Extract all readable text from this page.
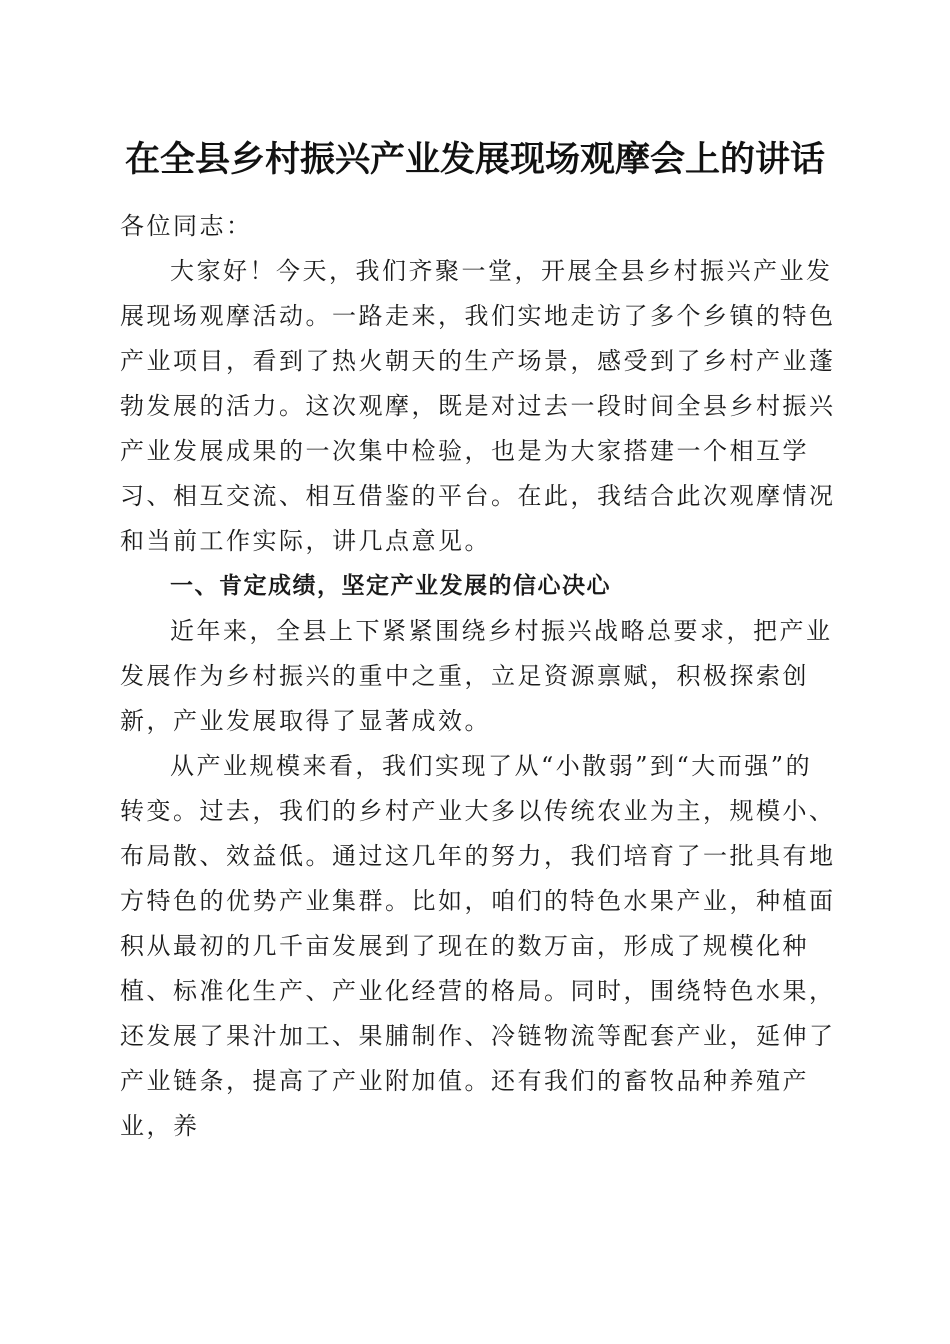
在全县乡村振兴产业发展现场观摩会上的讲话

各位同志：

大家好！今天，我们齐聚一堂，开展全县乡村振兴产业发展现场观摩活动。一路走来，我们实地走访了多个乡镇的特色产业项目，看到了热火朝天的生产场景，感受到了乡村产业蓬勃发展的活力。这次观摩，既是对过去一段时间全县乡村振兴产业发展成果的一次集中检验，也是为大家搭建一个相互学习、相互交流、相互借鉴的平台。在此，我结合此次观摩情况和当前工作实际，讲几点意见。

一、肯定成绩，坚定产业发展的信心决心

近年来，全县上下紧紧围绕乡村振兴战略总要求，把产业发展作为乡村振兴的重中之重，立足资源禀赋，积极探索创新，产业发展取得了显著成效。

从产业规模来看，我们实现了从“小散弱”到“大而强”的转变。过去，我们的乡村产业大多以传统农业为主，规模小、布局散、效益低。通过这几年的努力，我们培育了一批具有地方特色的优势产业集群。比如，咱们的特色水果产业，种植面积从最初的几千亩发展到了现在的数万亩，形成了规模化种植、标准化生产、产业化经营的格局。同时，围绕特色水果，还发展了果汁加工、果脯制作、冷链物流等配套产业，延伸了产业链条，提高了产业附加值。还有我们的畜牧品种养殖产业，养
